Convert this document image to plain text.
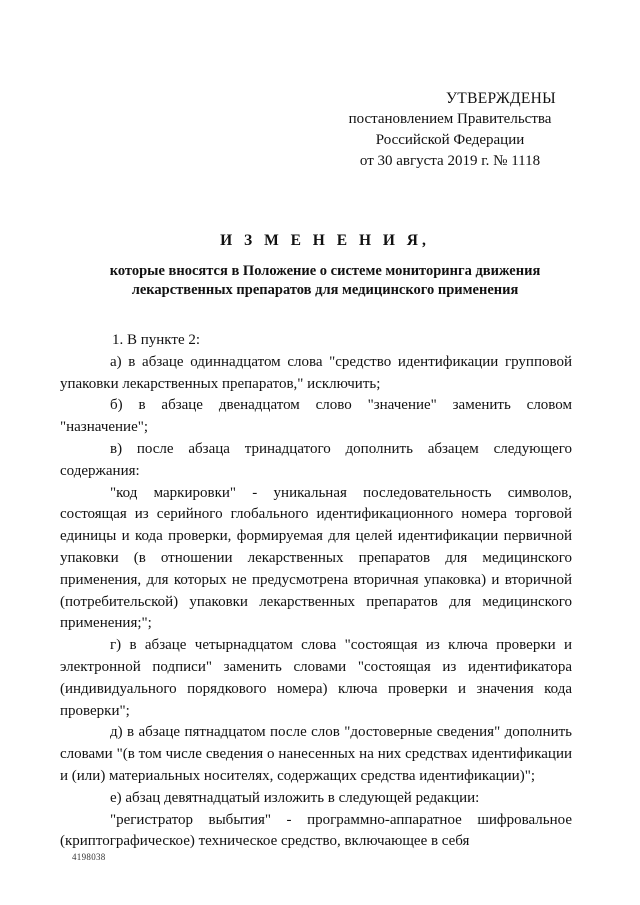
УТВЕРЖДЕНЫ
постановлением Правительства
Российской Федерации
от 30 августа 2019 г. № 1118
И З М Е Н Е Н И Я,
которые вносятся в Положение о системе мониторинга движения
лекарственных препаратов для медицинского применения

1. В пункте 2:

а) в абзаце одиннадцатом слова "средство идентификации групповой упаковки лекарственных препаратов," исключить;

б) в абзаце двенадцатом слово "значение" заменить словом "назначение";

в) после абзаца тринадцатого дополнить абзацем следующего содержания:

"код маркировки" - уникальная последовательность символов, состоящая из серийного глобального идентификационного номера торговой единицы и кода проверки, формируемая для целей идентификации первичной упаковки (в отношении лекарственных препаратов для медицинского применения, для которых не предусмотрена вторичная упаковка) и вторичной (потребительской) упаковки лекарственных препаратов для медицинского применения;";

г) в абзаце четырнадцатом слова "состоящая из ключа проверки и электронной подписи" заменить словами "состоящая из идентификатора (индивидуального порядкового номера) ключа проверки и значения кода проверки";

д) в абзаце пятнадцатом после слов "достоверные сведения" дополнить словами "(в том числе сведения о нанесенных на них средствах идентификации и (или) материальных носителях, содержащих средства идентификации)";

е) абзац девятнадцатый изложить в следующей редакции:

"регистратор выбытия" - программно-аппаратное шифровальное (криптографическое) техническое средство, включающее в себя

4198038
